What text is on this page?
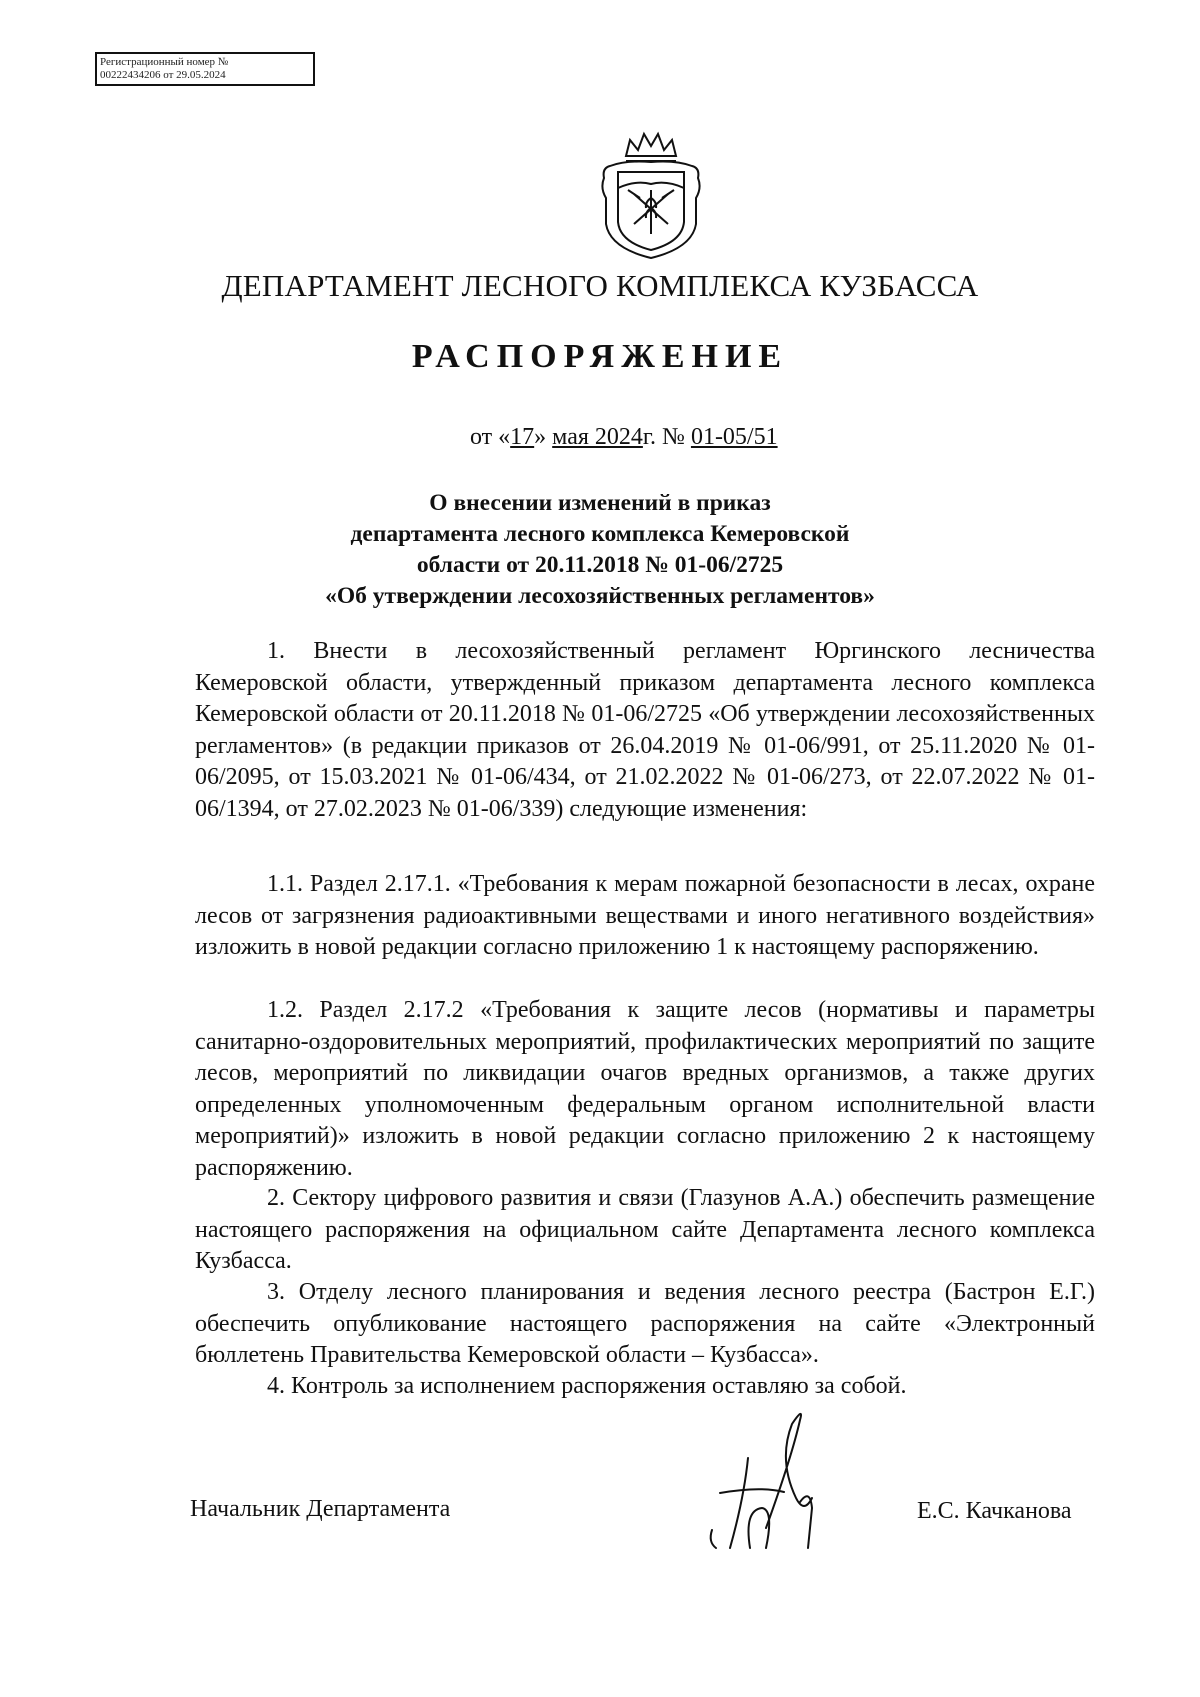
Регистрационный номер №
00222434206 от 29.05.2024
ДЕПАРТАМЕНТ ЛЕСНОГО КОМПЛЕКСА КУЗБАССА
РАСПОРЯЖЕНИЕ
от «17» мая 2024г. № 01-05/51
О внесении изменений в приказ
департамента лесного комплекса Кемеровской
области от 20.11.2018 № 01-06/2725
«Об утверждении лесохозяйственных регламентов»
1. Внести в лесохозяйственный регламент Юргинского лесничества Кемеровской области, утвержденный приказом департамента лесного комплекса Кемеровской области от 20.11.2018 № 01-06/2725 «Об утверждении лесохозяйственных регламентов» (в редакции приказов от 26.04.2019 № 01-06/991, от 25.11.2020 № 01-06/2095, от 15.03.2021 № 01-06/434, от 21.02.2022 № 01-06/273, от 22.07.2022 № 01-06/1394, от 27.02.2023 № 01-06/339) следующие изменения:
1.1. Раздел 2.17.1. «Требования к мерам пожарной безопасности в лесах, охране лесов от загрязнения радиоактивными веществами и иного негативного воздействия» изложить в новой редакции согласно приложению 1 к настоящему распоряжению.
1.2. Раздел 2.17.2 «Требования к защите лесов (нормативы и параметры санитарно-оздоровительных мероприятий, профилактических мероприятий по защите лесов, мероприятий по ликвидации очагов вредных организмов, а также других определенных уполномоченным федеральным органом исполнительной власти мероприятий)» изложить в новой редакции согласно приложению 2 к настоящему распоряжению.
2. Сектору цифрового развития и связи (Глазунов А.А.) обеспечить размещение настоящего распоряжения на официальном сайте Департамента лесного комплекса Кузбасса.
3. Отделу лесного планирования и ведения лесного реестра (Бастрон Е.Г.) обеспечить опубликование настоящего распоряжения на сайте «Электронный бюллетень Правительства Кемеровской области – Кузбасса».
4. Контроль за исполнением распоряжения оставляю за собой.
Начальник Департамента	Е.С. Качканова
